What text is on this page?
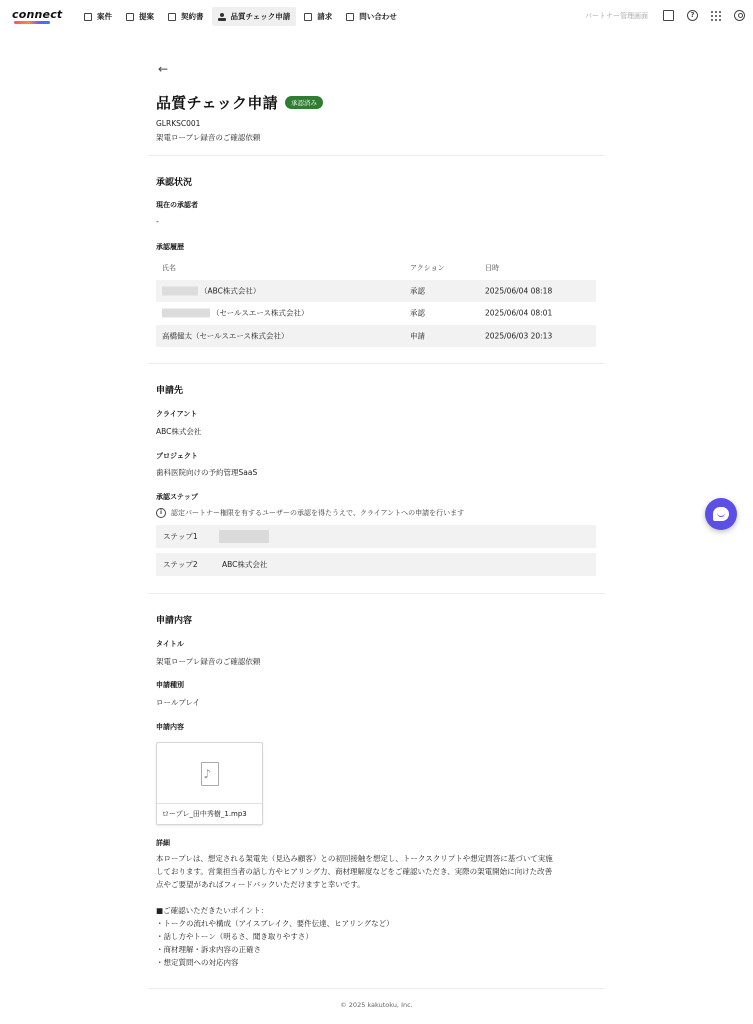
connect	案件	提案	契約書	品質チェック申請	請求	問い合わせ	パートナー管理画面	?
←
品質チェック申請	承認済み
GLRKSC001
架電ロープレ録音のご確認依頼
承認状況
現在の承認者
-
承認履歴
氏名	アクション	日時
（ABC株式会社）	承認	2025/06/04 08:18
（セールスエース株式会社）	承認	2025/06/04 08:01
高橋健太（セールスエース株式会社）	申請	2025/06/03 20:13
申請先
クライアント
ABC株式会社
プロジェクト
歯科医院向けの予約管理SaaS
承認ステップ
i	認定パートナー権限を有するユーザーの承認を得たうえで、クライアントへの申請を行います
ステップ1
ステップ2	ABC株式会社
申請内容
タイトル
架電ロープレ録音のご確認依頼
申請種別
ロールプレイ
申請内容
♪
ロープレ_田中秀樹_1.mp3
詳細
本ロープレは、想定される架電先（見込み顧客）との初回接触を想定し、トークスクリプトや想定問答に基づいて実施
しております。営業担当者の話し方やヒアリング力、商材理解度などをご確認いただき、実際の架電開始に向けた改善
点やご要望があればフィードバックいただけますと幸いです。
■ご確認いただきたいポイント：
・トークの流れや構成（アイスブレイク、要件伝達、ヒアリングなど）
・話し方やトーン（明るさ、聞き取りやすさ）
・商材理解・訴求内容の正確さ
・想定質問への対応内容
© 2025 kakutoku, Inc.
